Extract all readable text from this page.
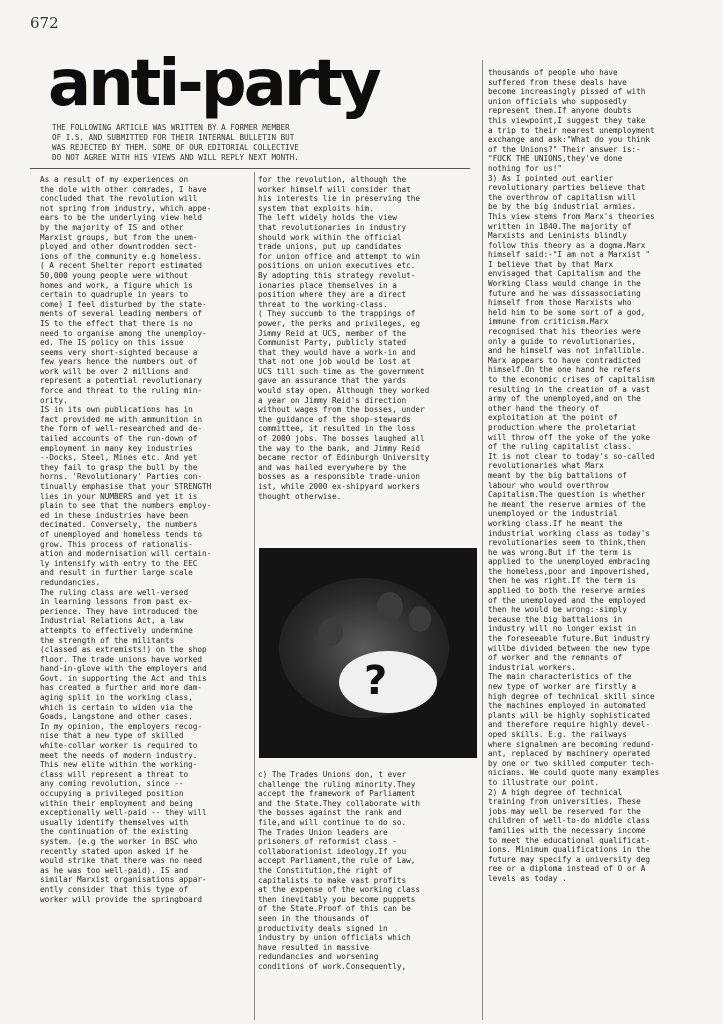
672
anti-party
THE FOLLOWING ARTICLE WAS WRITTEN BY A FORMER MEMBER
OF I.S. AND SUBMITTED FOR THEIR INTERNAL BULLETIN BUT
WAS REJECTED BY THEM. SOME OF OUR EDITORIAL COLLECTIVE
DO NOT AGREE WITH HIS VIEWS AND WILL REPLY NEXT MONTH.
As a result of my experiences on
the dole with other comrades, I have
concluded that the revolution will
not spring from industry, which appe-
ears to be the underlying view held
by the majority of IS and other
Marxist groups, but from the unem-
ployed and other downtrodden sect-
ions of the community e.g homeless.
( A recent Shelter report estimated
50,000 young people were without
homes and work, a figure which is
certain to quadruple in years to
come) I feel disturbed by the state-
ments of several leading members of
IS to the effect that there is no
need to organise among the unemploy-
ed. The IS policy on this issue
seems very short-sighted because a
few years hence the numbers out of
work will be over 2 millions and
represent a potential revolutionary
force and threat to the ruling min-
ority.
IS in its own publications has in
fact provided me with ammunition in
the form of well-researched and de-
tailed accounts of the run-down of
employment in many key industries
--Docks, Steel, Mines etc. And yet
they fail to grasp the bull by the
horns. 'Revolutionary' Parties con-
tinually emphasise that your STRENGTH
lies in your NUMBERS and yet it is
plain to see that the numbers employ-
ed in these industries have been
decimated. Conversely, the numbers
of unemployed and homeless tends to
grow. This process of rationalis-
ation and modernisation will certain-
ly intensify with entry to the EEC
and result in further large scale
redundancies.
The ruling class are well-versed
in learning lessons from past ex-
perience. They have introduced the
Industrial Relations Act, a law
attempts to effectively undermine
the strength of the militants
(classed as extremists!) on the shop
floor. The trade unions have worked
hand-in-glove with the employers and
Govt. in supporting the Act and this
has created a further and more dam-
aging split in the working class,
which is certain to widen via the
Goads, Langstone and other cases.
In my opinion, the employers recog-
nise that a new type of skilled
white-collar worker is required to
meet the needs of modern industry.
This new elite within the working-
class will represent a threat to
any coming revolution, since --
occupying a privileged position
within their employment and being
exceptionally well-paid -- they will
usually identify themselves with
the continuation of the existing
system. (e.g the worker in BSC who
recently stated upon asked if he
would strike that there was no need
as he was too well-paid). IS and
similar Marxist organisations appar-
ently consider that this type of
worker will provide the springboard
for the revolution, although the
worker himself will consider that
his interests lie in preserving the
system that exploits him.
The left widely holds the view
that revolutionaries in industry
should work within the official
trade unions, put up candidates
for union office and attempt to win
positions on union executives etc.
By adopting this strategy revolut-
ionaries place themselves in a
position where they are a direct
threat to the working-class.
( They succumb to the trappings of
power, the perks and privileges, eg
Jimmy Reid at UCS, member of the
Communist Party, publicly stated
that they would have a work-in and
that not one job would be lost at
UCS till such time as the government
gave an assurance that the yards
would stay open. Although they worked
a year on Jimmy Reid's direction
without wages from the bosses, under
the guidance of the shop-stewards
committee, it resulted in the loss
of 2000 jobs. The bosses laughed all
the way to the bank, and Jimmy Reid
became rector of Edinburgh University
and was hailed everywhere by the
bosses as a responsible trade-union
ist, while 2000 ex-shipyard workers
thought otherwise.
?
c) The Trades Unions don, t ever
challenge the ruling minority.They
accept the framework of Parliament
and the State.They collaborate with
the bosses against the rank and
file,and will continue to do so.
The Trades Union leaders are
prisoners of reformist class -
collaborationist ideology.If you
accept Parliament,the rule of Law,
the Constitution,the right of
capitalists to make vast profits
at the expense of the working class
then inevitably you become puppets
of the State.Proof of this can be
seen in the thousands of
productivity deals signed in
industry by union officials which
have resulted in massive
redundancies and worsening
conditions of work.Consequently,
thousands of people who have
suffered from these deals have
become increasingly pissed of with
union officials who supposedly
represent them.If anyone doubts
this viewpoint,I suggest they take
a trip to their nearest unemployment
exchange and ask:"What do you think
of the Unions?" Their answer is:-
"FUCK THE UNIONS,they've done
nothing for us!"
3) As I pointed out earlier
revolutionary parties believe that
the overthrow of capitalism will
be by the big industrial armies.
This view stems from Marx's theories
written in 1840.The majority of
Marxists and Leninists blindly
follow this theory as a dogma.Marx
himself said:-"I am not a Marxist "
I believe that by that Marx
envisaged that Capitalism and the
Working Class would change in the
future and he was dissassociating
himself from those Marxists who
held him to be some sort of a god,
immune from criticism.Marx
recognised that his theories were
only a guide to revolutionaries,
and he himself was not infallible.
Marx appears to have contradicted
himself.On the one hand he refers
to the economic crises of capitalism
resulting in the creation of a vast
army of the unemployed,and on the
other hand the theory of
exploitation at the point of
production where the proletariat
will throw off the yoke of the yoke
of the ruling capitalist class.
It is not clear to today's so-called
revolutionaries what Marx
meant by the big battalions of
labour who would overthrow
Capitalism.The question is whether
he meant the reserve armies of the
unemployed or the industrial
working class.If he meant the
industrial working class as today's
revolutionaries seem to think,then
he was wrong.But if the term is
applied to the unemployed embracing
the homeless,poor and impoverished,
then he was right.If the term is
applied to both the reserve armies
of the unemployed and the employed
then he would be wrong:-simply
because the big battalions in
industry will no longer exist in
the foreseeable future.But industry
willbe divided between the new type
of worker and the remnants of
industrial workers.
The main characteristics of the
new type of worker are firstly a
high degree of technical skill since
the machines employed in automated
plants will be highly sophisticated
and therefore require highly devel-
oped skills. E.g. the railways
where signalmen are becoming redund-
ant, replaced by machinery operated
by one or two skilled computer tech-
nicians. We could quote many examples
to illustrate our point.
2) A high degree of technical
training from universities. These
jobs may well be reserved for the
children of well-to-do middle class
families with the necessary income
to meet the educational qualificat-
ions. Minimum qualifications in the
future may specify a university deg
ree or a diploma instead of O or A
levels as today .
